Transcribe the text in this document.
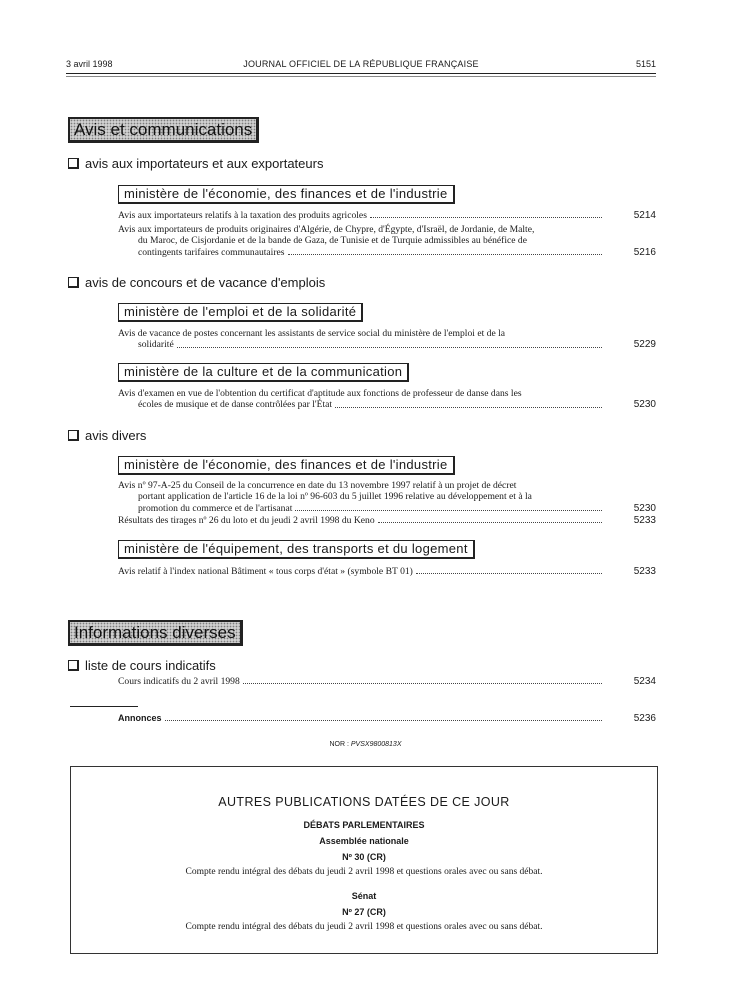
3 avril 1998	JOURNAL OFFICIEL DE LA RÉPUBLIQUE FRANÇAISE	5151
Avis et communications
avis aux importateurs et aux exportateurs
ministère de l'économie, des finances et de l'industrie
Avis aux importateurs relatifs à la taxation des produits agricoles	5214
Avis aux importateurs de produits originaires d'Algérie, de Chypre, d'Égypte, d'Israël, de Jordanie, de Malte,
du Maroc, de Cisjordanie et de la bande de Gaza, de Tunisie et de Turquie admissibles au bénéfice de
contingents tarifaires communautaires	5216
avis de concours et de vacance d'emplois
ministère de l'emploi et de la solidarité
Avis de vacance de postes concernant les assistants de service social du ministère de l'emploi et de la
solidarité	5229
ministère de la culture et de la communication
Avis d'examen en vue de l'obtention du certificat d'aptitude aux fonctions de professeur de danse dans les
écoles de musique et de danse contrôlées par l'État	5230
avis divers
ministère de l'économie, des finances et de l'industrie
Avis nº 97-A-25 du Conseil de la concurrence en date du 13 novembre 1997 relatif à un projet de décret
portant application de l'article 16 de la loi nº 96-603 du 5 juillet 1996 relative au développement et à la
promotion du commerce et de l'artisanat	5230
Résultats des tirages nº 26 du loto et du jeudi 2 avril 1998 du Keno	5233
ministère de l'équipement, des transports et du logement
Avis relatif à l'index national Bâtiment « tous corps d'état » (symbole BT 01)	5233
Informations diverses
liste de cours indicatifs
Cours indicatifs du 2 avril 1998	5234
Annonces	5236
NOR : PVSX9800813X
AUTRES PUBLICATIONS DATÉES DE CE JOUR
DÉBATS PARLEMENTAIRES
Assemblée nationale
Nº 30 (CR)
Compte rendu intégral des débats du jeudi 2 avril 1998 et questions orales avec ou sans débat.
Sénat
Nº 27 (CR)
Compte rendu intégral des débats du jeudi 2 avril 1998 et questions orales avec ou sans débat.
